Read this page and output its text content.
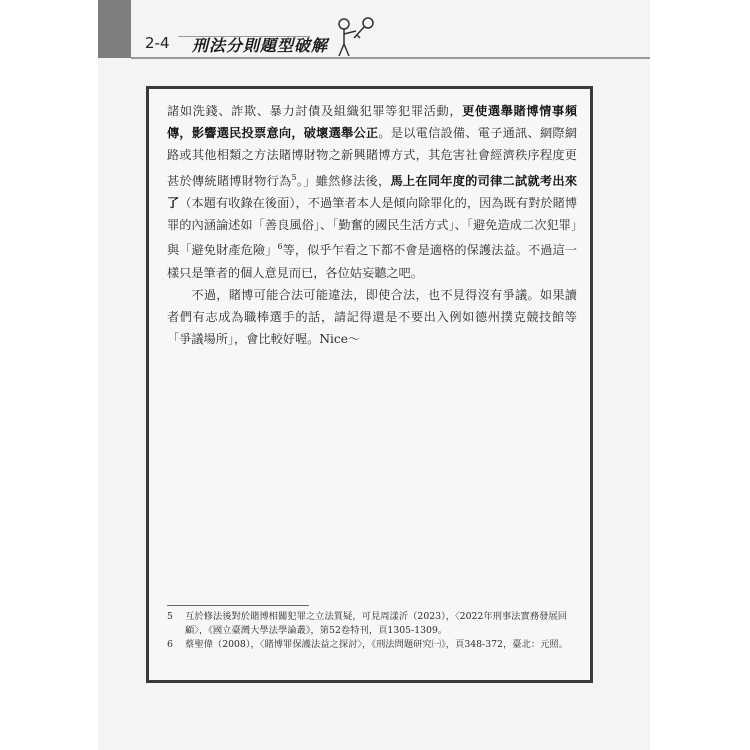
2-4 刑法分則題型破解

諸如洗錢、詐欺、暴力討債及組織犯罪等犯罪活動，更使選舉賭博情事頻傳，影響選民投票意向，破壞選舉公正。是以電信設備、電子通訊、網際網路或其他相類之方法賭博財物之新興賭博方式，其危害社會經濟秩序程度更甚於傳統賭博財物行為$^5$。」雖然修法後，馬上在同年度的司律二試就考出來了（本題有收錄在後面），不過筆者本人是傾向除罪化的，因為既有對於賭博罪的內涵論述如「善良風俗」、「勤奮的國民生活方式」、「避免造成二次犯罪」與「避免財產危險」$^6$等，似乎乍看之下都不會是適格的保護法益。不過這一樣只是筆者的個人意見而已，各位姑妄聽之吧。

不過，賭博可能合法可能違法，即使合法，也不見得沒有爭議。如果讀者們有志成為職棒選手的話，請記得還是不要出入例如德州撲克競技館等「爭議場所」，會比較好喔。Nice～

5	互於修法後對於賭博相關犯罪之立法質疑，可見周漾沂（2023），〈2022年刑事法實務發展回顧〉，《國立臺灣大學法學論叢》，第52卷特刊，頁1305-1309。
6	蔡聖偉（2008），〈賭博罪保護法益之探討〉，《刑法問題研究㈠》，頁348-372，臺北：元照。
